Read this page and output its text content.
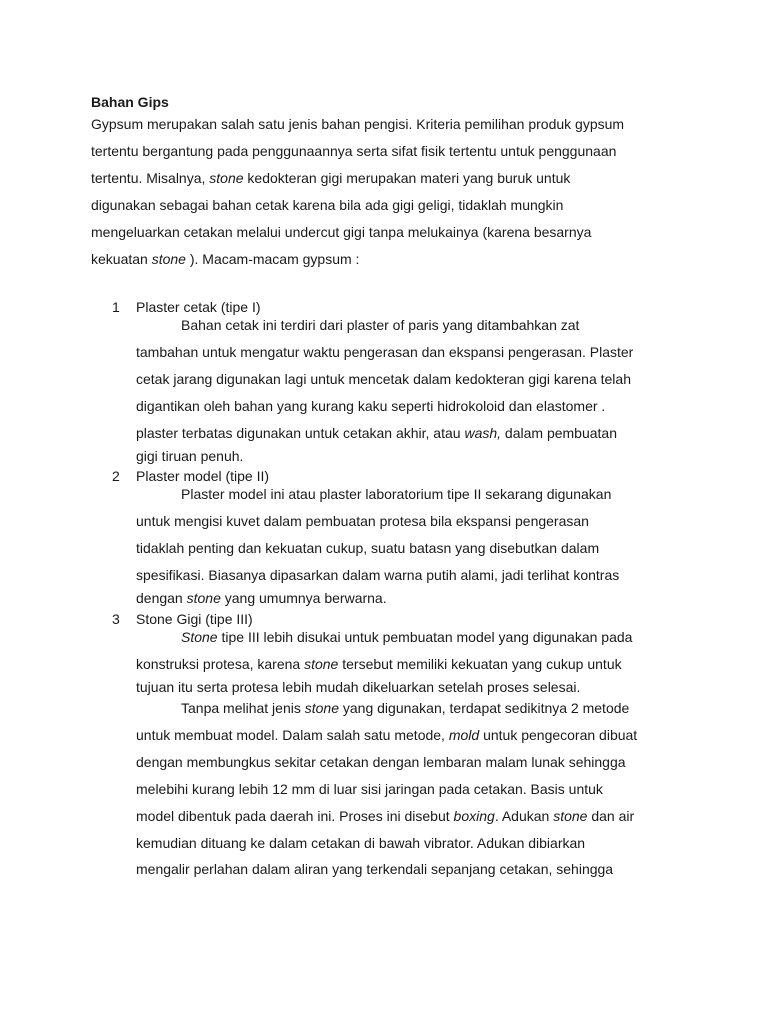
Bahan Gips

Gypsum merupakan salah satu jenis bahan pengisi. Kriteria pemilihan produk gypsum
tertentu bergantung pada penggunaannya serta sifat fisik tertentu untuk penggunaan
tertentu. Misalnya, stone kedokteran gigi merupakan materi yang buruk untuk
digunakan sebagai bahan cetak karena bila ada gigi geligi, tidaklah mungkin
mengeluarkan cetakan melalui undercut gigi tanpa melukainya (karena besarnya
kekuatan stone ). Macam-macam gypsum :

1 Plaster cetak (tipe I)

Bahan cetak ini terdiri dari plaster of paris yang ditambahkan zat
tambahan untuk mengatur waktu pengerasan dan ekspansi pengerasan. Plaster
cetak jarang digunakan lagi untuk mencetak dalam kedokteran gigi karena telah
digantikan oleh bahan yang kurang kaku seperti hidrokoloid dan elastomer .
plaster terbatas digunakan untuk cetakan akhir, atau wash, dalam pembuatan
gigi tiruan penuh.

2 Plaster model (tipe II)

Plaster model ini atau plaster laboratorium tipe II sekarang digunakan
untuk mengisi kuvet dalam pembuatan protesa bila ekspansi pengerasan
tidaklah penting dan kekuatan cukup, suatu batasn yang disebutkan dalam
spesifikasi. Biasanya dipasarkan dalam warna putih alami, jadi terlihat kontras
dengan stone yang umumnya berwarna.

3 Stone Gigi (tipe III)

Stone tipe III lebih disukai untuk pembuatan model yang digunakan pada
konstruksi protesa, karena stone tersebut memiliki kekuatan yang cukup untuk
tujuan itu serta protesa lebih mudah dikeluarkan setelah proses selesai.

Tanpa melihat jenis stone yang digunakan, terdapat sedikitnya 2 metode
untuk membuat model. Dalam salah satu metode, mold untuk pengecoran dibuat
dengan membungkus sekitar cetakan dengan lembaran malam lunak sehingga
melebihi kurang lebih 12 mm di luar sisi jaringan pada cetakan. Basis untuk
model dibentuk pada daerah ini. Proses ini disebut boxing. Adukan stone dan air
kemudian dituang ke dalam cetakan di bawah vibrator. Adukan dibiarkan
mengalir perlahan dalam aliran yang terkendali sepanjang cetakan, sehingga
